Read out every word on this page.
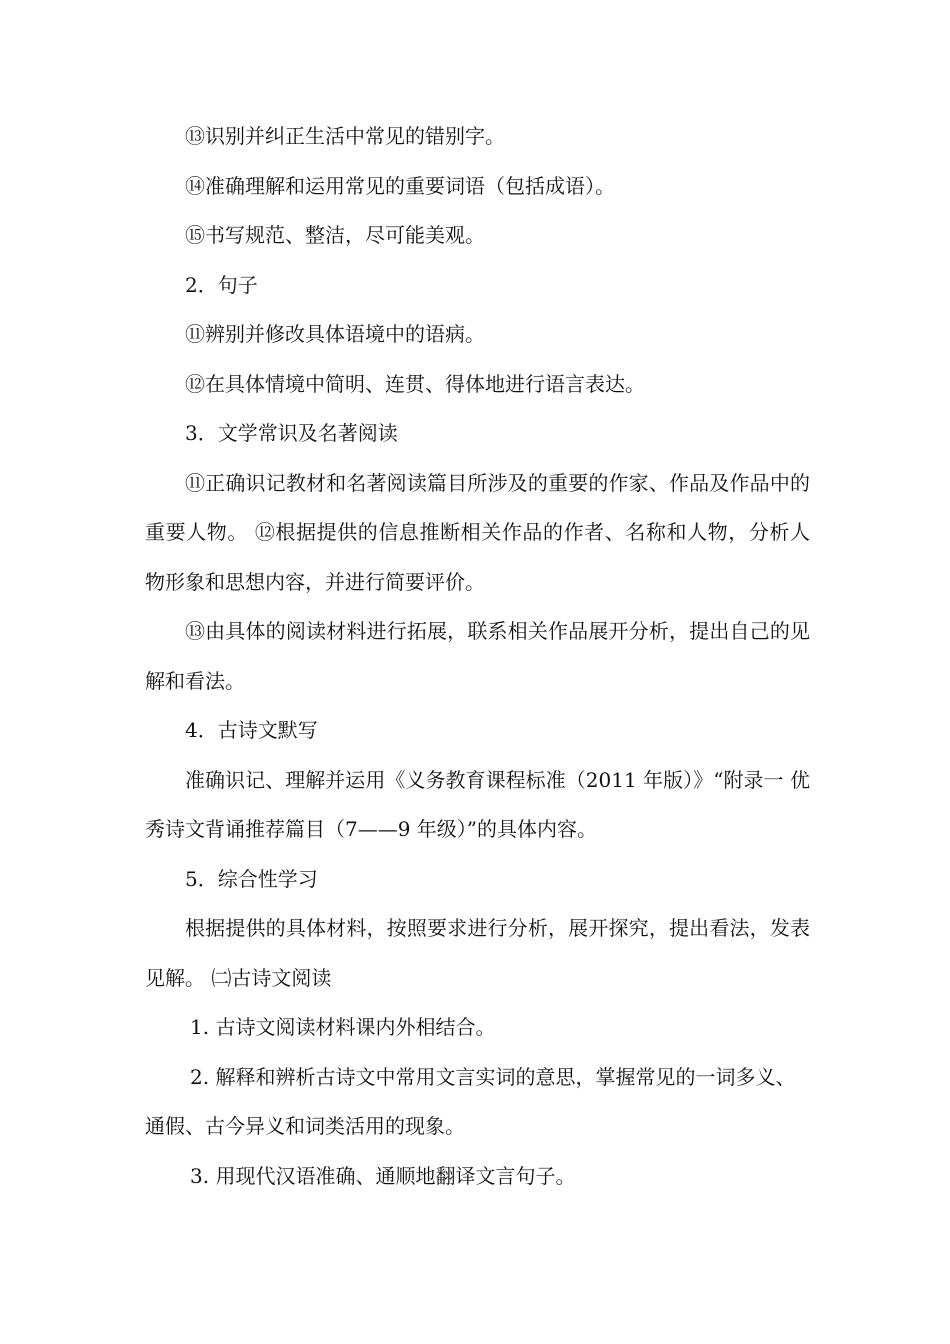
⑬识别并纠正生活中常见的错别字。

⑭准确理解和运用常见的重要词语（包括成语）。

⑮书写规范、整洁，尽可能美观。

2．句子

⑪辨别并修改具体语境中的语病。

⑫在具体情境中简明、连贯、得体地进行语言表达。

3．文学常识及名著阅读

⑪正确识记教材和名著阅读篇目所涉及的重要的作家、作品及作品中的重要人物。 ⑫根据提供的信息推断相关作品的作者、名称和人物，分析人物形象和思想内容，并进行简要评价。

⑬由具体的阅读材料进行拓展，联系相关作品展开分析，提出自己的见解和看法。

4．古诗文默写

准确识记、理解并运用《义务教育课程标准（2011 年版）》“附录一 优秀诗文背诵推荐篇目（7——9 年级）”的具体内容。

5．综合性学习

根据提供的具体材料，按照要求进行分析，展开探究，提出看法，发表见解。 ㈡古诗文阅读

1. 古诗文阅读材料课内外相结合。

2. 解释和辨析古诗文中常用文言实词的意思，掌握常见的一词多义、通假、古今异义和词类活用的现象。

3. 用现代汉语准确、通顺地翻译文言句子。
